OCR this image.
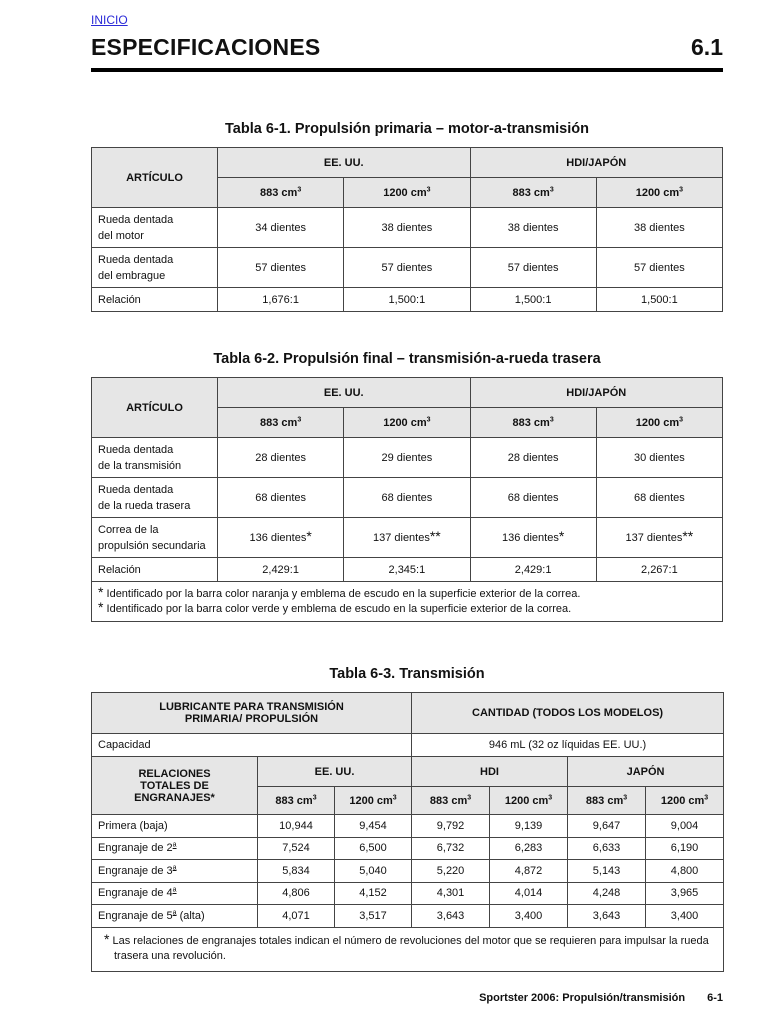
INICIO
ESPECIFICACIONES	6.1
Tabla 6-1. Propulsión primaria – motor-a-transmisión
ARTÍCULO	EE. UU.		HDI/JAPÓN	
	883 $cm^3$	1200 $cm^3$	883 $cm^3$	1200 $cm^3$
Rueda dentada
del motor	34 dientes	38 dientes	38 dientes	38 dientes
Rueda dentada
del embrague	57 dientes	57 dientes	57 dientes	57 dientes
Relación	1,676:1	1,500:1	1,500:1	1,500:1
Tabla 6-2. Propulsión final – transmisión-a-rueda trasera
ARTÍCULO	EE. UU.		HDI/JAPÓN	
	883 $cm^3$	1200 $cm^3$	883 $cm^3$	1200 $cm^3$
Rueda dentada
de la transmisión	28 dientes	29 dientes	28 dientes	30 dientes
Rueda dentada
de la rueda trasera	68 dientes	68 dientes	68 dientes	68 dientes
Correa de la
propulsión secundaria	136 dientes*	137 dientes**	136 dientes*	137 dientes**
Relación	2,429:1	2,345:1	2,429:1	2,267:1

* Identificado por la barra color naranja y emblema de escudo en la superficie exterior de la correa.
* Identificado por la barra color verde y emblema de escudo en la superficie exterior de la correa.				
Tabla 6-3. Transmisión
LUBRICANTE PARA TRANSMISIÓN PRIMARIA/ PROPULSIÓN			CANTIDAD (TODOS LOS MODELOS)			
Capacidad			946 mL (32 oz líquidas EE. UU.)			
RELACIONES TOTALES DE ENGRANAJES*	EE. UU.		HDI		JAPÓN	
	883 $cm^3$	1200 $cm^3$	883 $cm^3$	1200 $cm^3$	883 $cm^3$	1200 $cm^3$
Primera (baja)	10,944	9,454	9,792	9,139	9,647	9,004
Engranaje de 2$^a$	7,524	6,500	6,732	6,283	6,633	6,190
Engranaje de 3$^a$	5,834	5,040	5,220	4,872	5,143	4,800
Engranaje de 4$^a$	4,806	4,152	4,301	4,014	4,248	3,965
Engranaje de 5$^a$ (alta)	4,071	3,517	3,643	3,400	3,643	3,400

* Las relaciones de engranajes totales indican el número de revoluciones del motor que se requieren para impulsar la rueda trasera una revolución.						
Sportster 2006: Propulsión/transmisión 6-1
